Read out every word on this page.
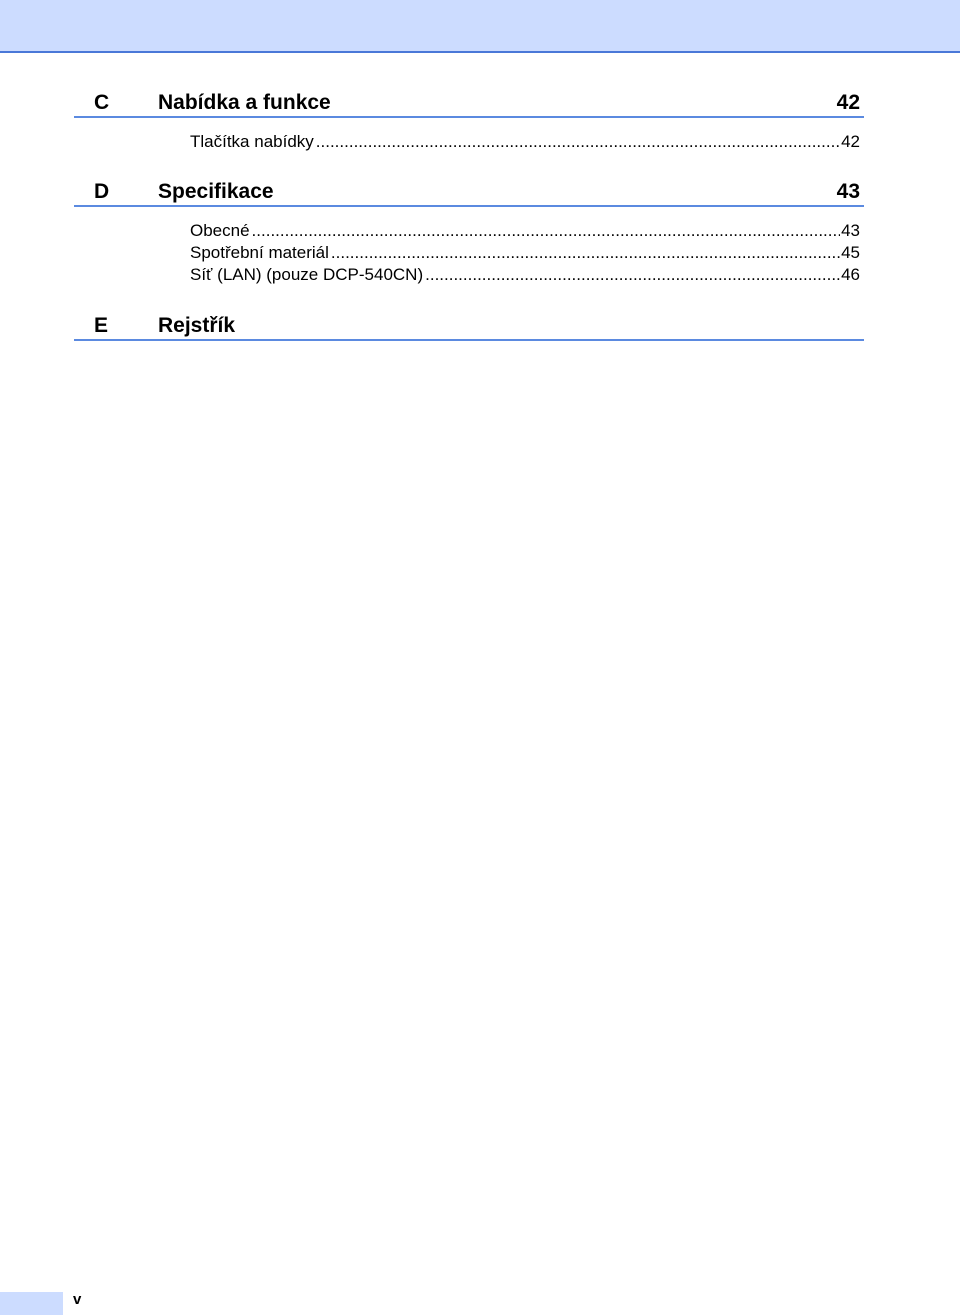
C Nabídka a funkce	42
Tlačítka nabídky .....	42
D Specifikace	43
Obecné .....	43
Spotřební materiál .....	45
Síť (LAN) (pouze DCP-540CN) .....	46
E Rejstřík
v
